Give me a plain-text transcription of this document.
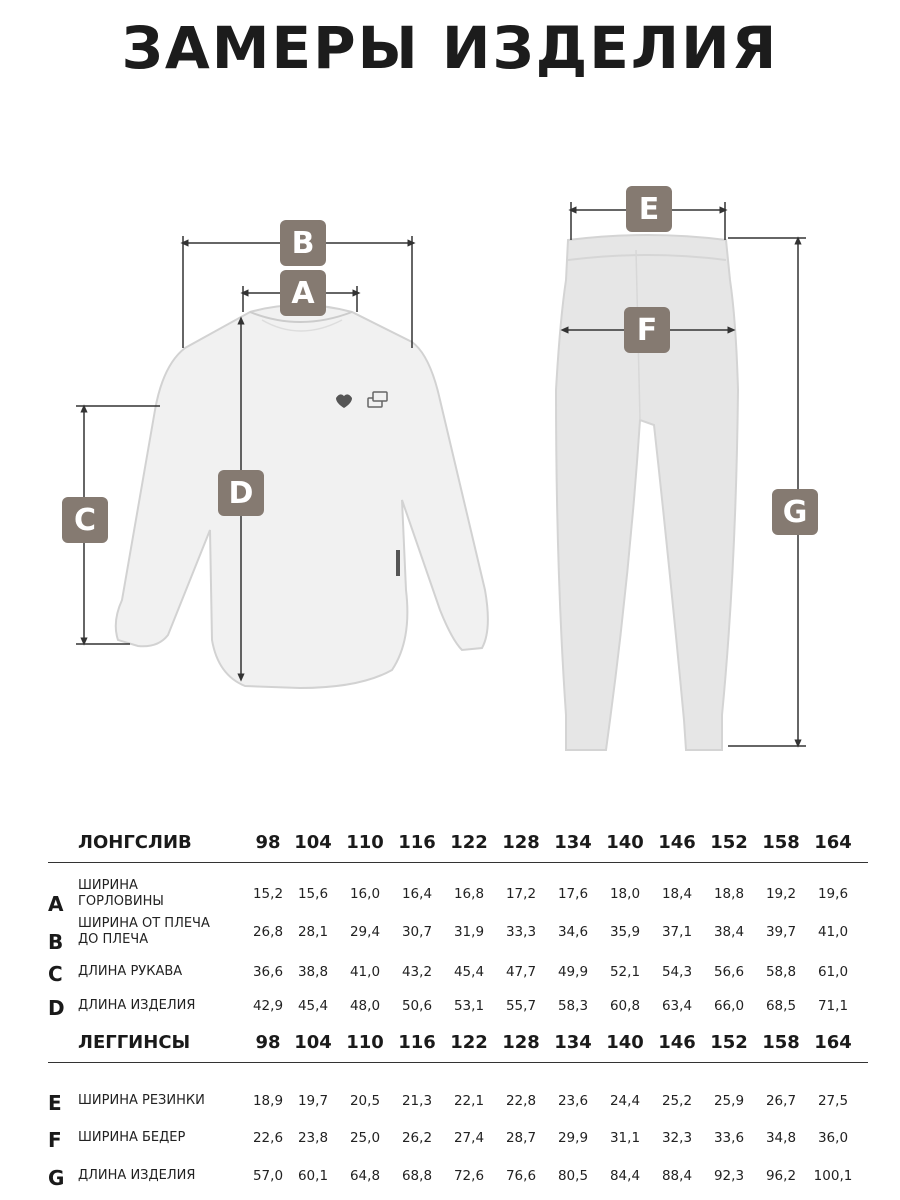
ЗАМЕРЫ ИЗДЕЛИЯ
B
A
C
D
E
F
G
ЛОНГСЛИВ	98 104 110 116 122 128 134 140 146 152 158 164
A
ШИРИНА
ГОРЛОВИНЫ	15,2	15,6	16,0	16,4	16,8	17,2	17,6	18,0	18,4	18,8	19,2	19,6
B
ШИРИНА ОТ ПЛЕЧА
ДО ПЛЕЧА	26,8	28,1	29,4	30,7	31,9	33,3	34,6	35,9	37,1	38,4	39,7	41,0
C ДЛИНА РУКАВА	36,6	38,8	41,0	43,2	45,4	47,7	49,9	52,1	54,3	56,6	58,8	61,0
D ДЛИНА ИЗДЕЛИЯ	42,9	45,4	48,0	50,6	53,1	55,7	58,3	60,8	63,4	66,0	68,5	71,1
ЛЕГГИНСЫ	98 104 110 116 122 128 134 140 146 152 158 164
E ШИРИНА РЕЗИНКИ	18,9	19,7	20,5	21,3	22,1	22,8	23,6	24,4	25,2	25,9	26,7	27,5
F ШИРИНА БЕДЕР	22,6	23,8	25,0	26,2	27,4	28,7	29,9	31,1	32,3	33,6	34,8	36,0
G ДЛИНА ИЗДЕЛИЯ	57,0	60,1	64,8	68,8	72,6	76,6	80,5	84,4	88,4	92,3	96,2	100,1
